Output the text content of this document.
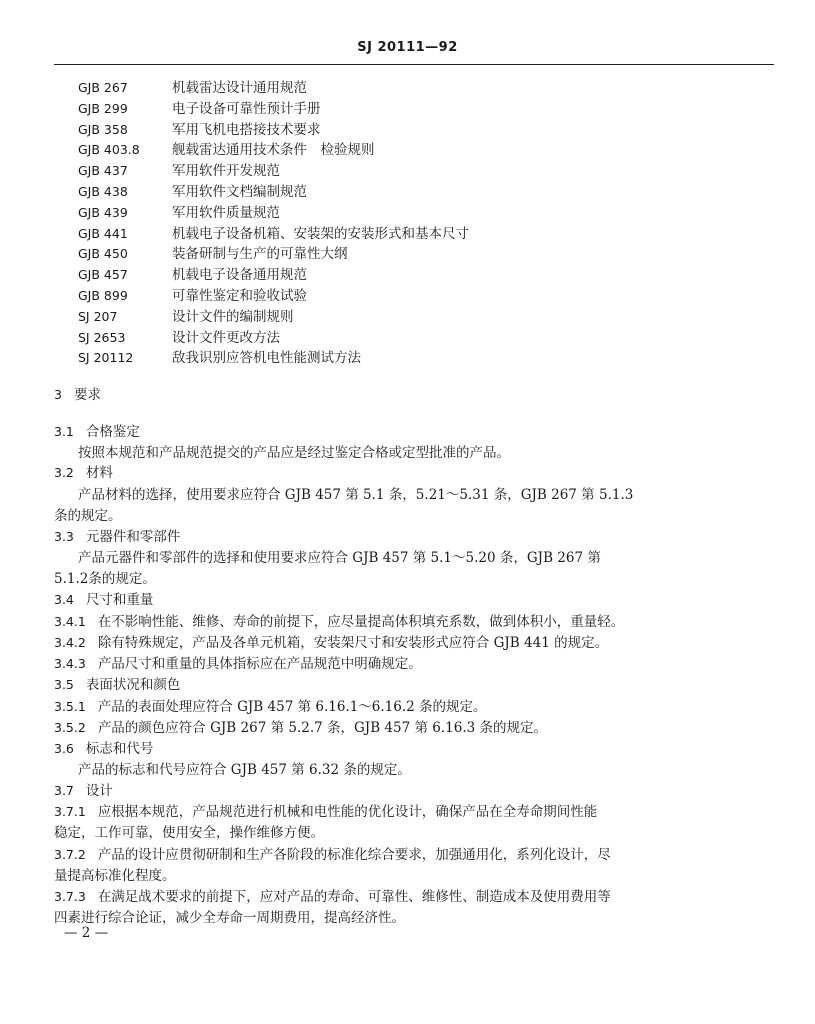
SJ 20111—92
GJB 267	机载雷达设计通用规范
GJB 299	电子设备可靠性预计手册
GJB 358	军用飞机电搭接技术要求
GJB 403.8 舰载雷达通用技术条件　检验规则
GJB 437	军用软件开发规范
GJB 438	军用软件文档编制规范
GJB 439	军用软件质量规范
GJB 441	机载电子设备机箱、安装架的安装形式和基本尺寸
GJB 450	装备研制与生产的可靠性大纲
GJB 457	机载电子设备通用规范
GJB 899	可靠性鉴定和验收试验
SJ 207	设计文件的编制规则
SJ 2653	设计文件更改方法
SJ 20112	敌我识别应答机电性能测试方法
3 要求
3.1 合格鉴定
按照本规范和产品规范提交的产品应是经过鉴定合格或定型批准的产品。
3.2 材料
产品材料的选择，使用要求应符合 GJB 457 第 5.1 条，5.21～5.31 条，GJB 267 第 5.1.3
条的规定。
3.3 元器件和零部件
产品元器件和零部件的选择和使用要求应符合 GJB 457 第 5.1～5.20 条，GJB 267 第
5.1.2条的规定。
3.4 尺寸和重量
3.4.1 在不影响性能、维修、寿命的前提下，应尽量提高体积填充系数，做到体积小，重量轻。
3.4.2 除有特殊规定，产品及各单元机箱，安装架尺寸和安装形式应符合 GJB 441 的规定。
3.4.3 产品尺寸和重量的具体指标应在产品规范中明确规定。
3.5 表面状况和颜色
3.5.1 产品的表面处理应符合 GJB 457 第 6.16.1～6.16.2 条的规定。
3.5.2 产品的颜色应符合 GJB 267 第 5.2.7 条，GJB 457 第 6.16.3 条的规定。
3.6 标志和代号
产品的标志和代号应符合 GJB 457 第 6.32 条的规定。
3.7 设计
3.7.1 应根据本规范，产品规范进行机械和电性能的优化设计，确保产品在全寿命期间性能
稳定，工作可靠，使用安全，操作维修方便。
3.7.2 产品的设计应贯彻研制和生产各阶段的标准化综合要求，加强通用化，系列化设计，尽
量提高标准化程度。
3.7.3 在满足战术要求的前提下，应对产品的寿命、可靠性、维修性、制造成本及使用费用等
四素进行综合论证，减少全寿命一周期费用，提高经济性。
— 2 —
